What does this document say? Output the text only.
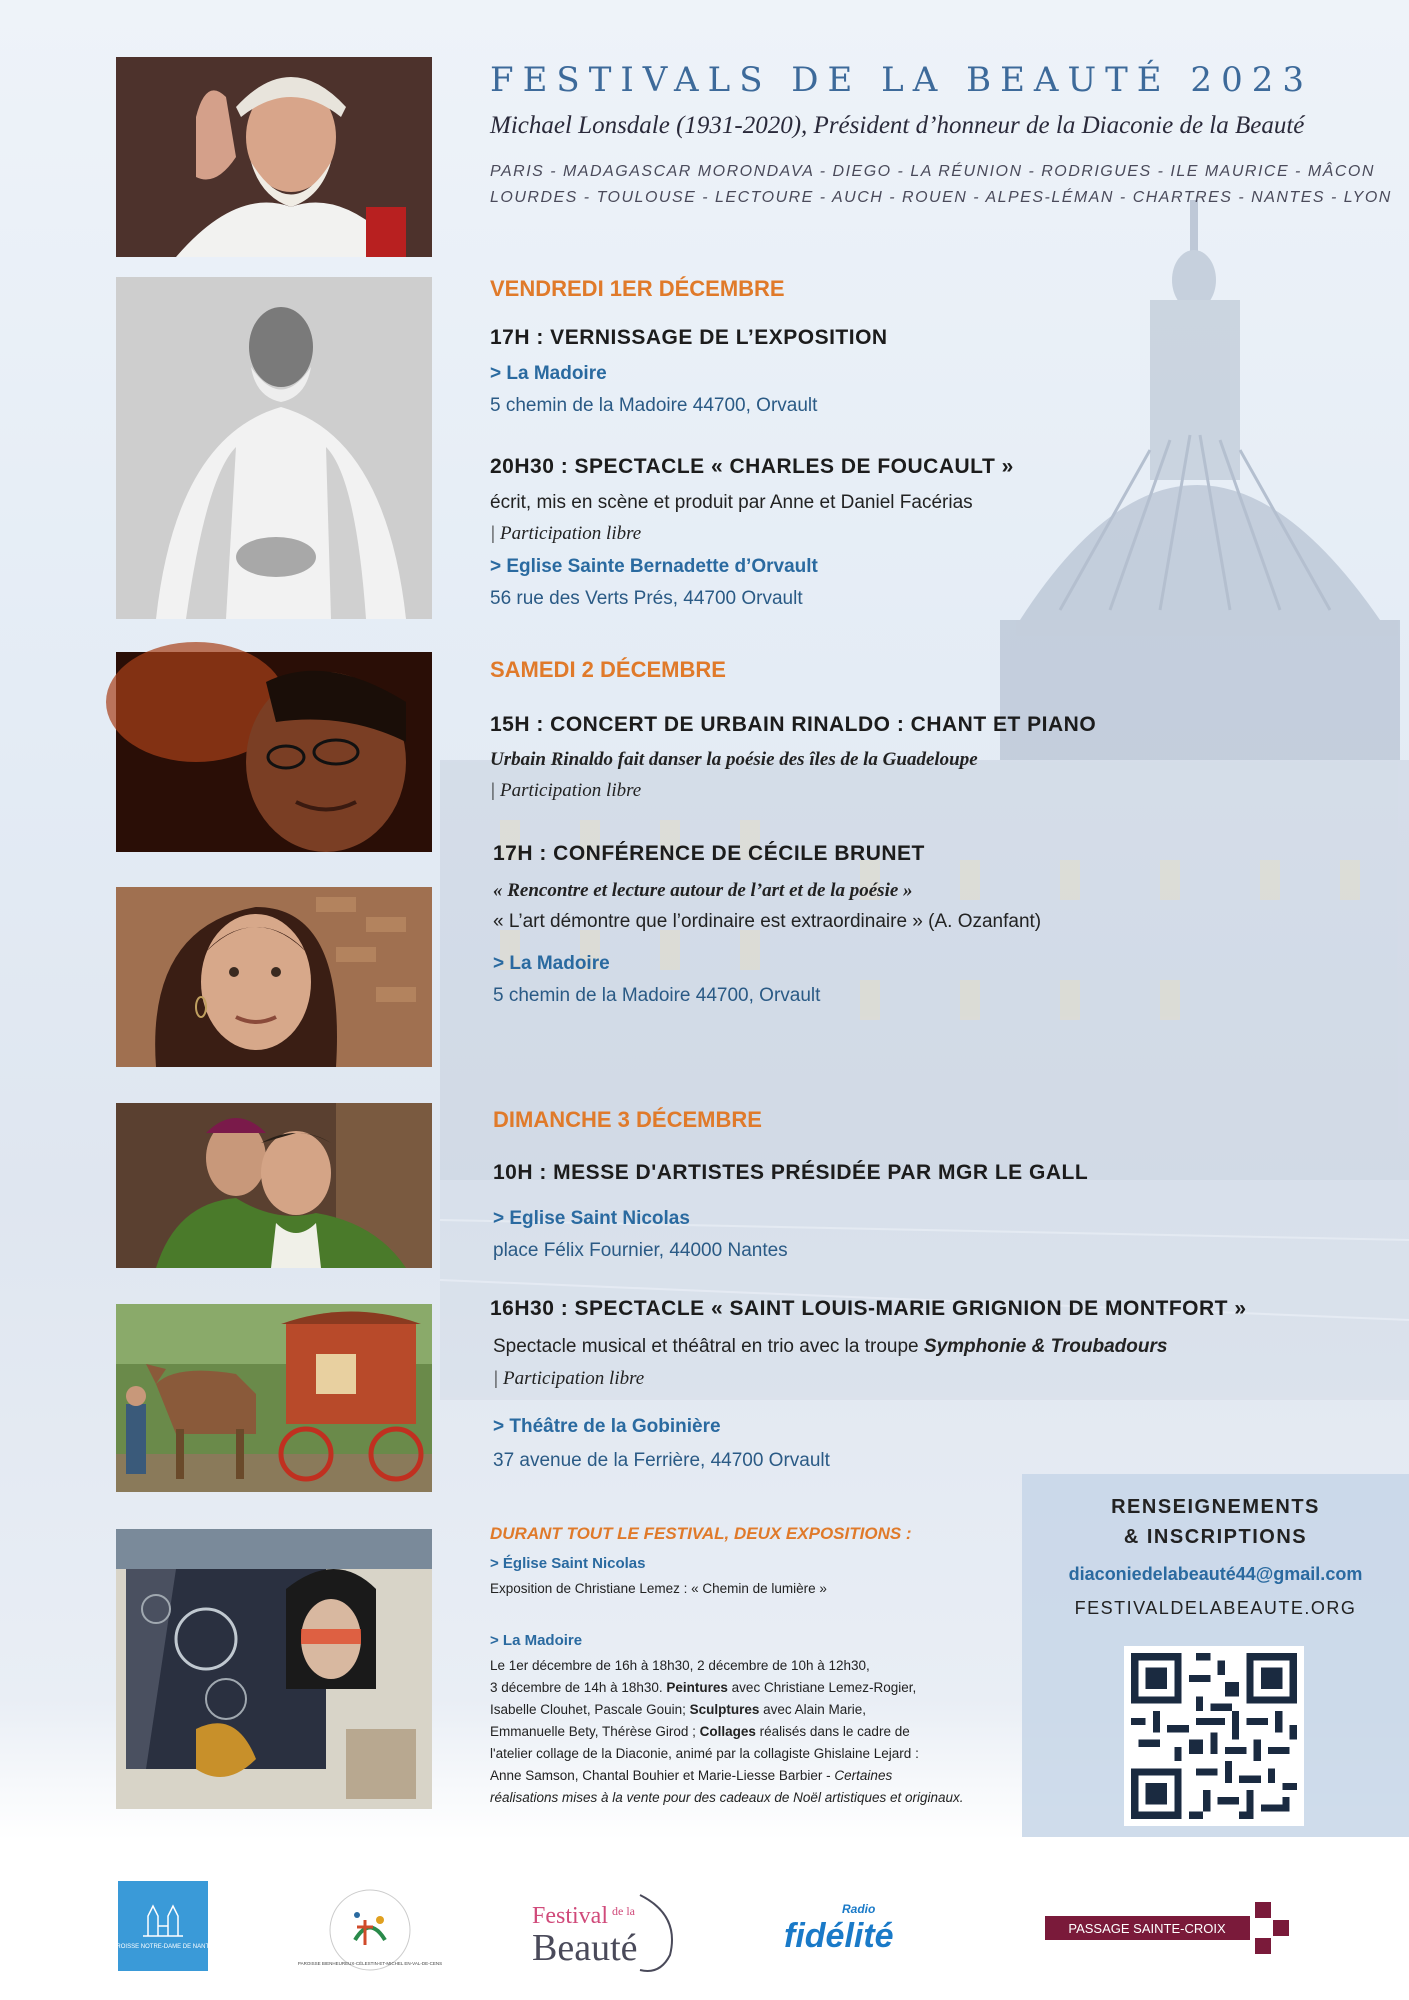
FESTIVALS DE LA BEAUTÉ 2023
Michael Lonsdale (1931-2020), Président d’honneur de la Diaconie de la Beauté
PARIS - MADAGASCAR MORONDAVA - DIEGO - LA RÉUNION - RODRIGUES - ILE MAURICE - MÂCON
LOURDES - TOULOUSE - LECTOURE - AUCH - ROUEN - ALPES-LÉMAN - CHARTRES - NANTES - LYON
VENDREDI 1ER DÉCEMBRE
17H : VERNISSAGE DE L’EXPOSITION
> La Madoire
5 chemin de la Madoire 44700, Orvault
20H30 : SPECTACLE « CHARLES DE FOUCAULT »
écrit, mis en scène et produit par Anne et Daniel Facérias
| Participation libre
> Eglise Sainte Bernadette d’Orvault
56 rue des Verts Prés, 44700 Orvault
SAMEDI 2 DÉCEMBRE
15H : CONCERT DE URBAIN RINALDO : CHANT ET PIANO
Urbain Rinaldo fait danser la poésie des îles de la Guadeloupe
| Participation libre
17H : CONFÉRENCE DE CÉCILE BRUNET
« Rencontre et lecture autour de l’art et de la poésie »
« L’art démontre que l’ordinaire est extraordinaire » (A. Ozanfant)
> La Madoire
5 chemin de la Madoire 44700, Orvault
DIMANCHE 3 DÉCEMBRE
10H : MESSE D'ARTISTES PRÉSIDÉE PAR MGR LE GALL
> Eglise Saint Nicolas
place Félix Fournier, 44000 Nantes
16H30 : SPECTACLE « SAINT LOUIS-MARIE GRIGNION DE MONTFORT »
Spectacle musical et théâtral en trio avec la troupe Symphonie & Troubadours
| Participation libre
> Théâtre de la Gobinière
37 avenue de la Ferrière, 44700 Orvault
DURANT TOUT LE FESTIVAL, DEUX EXPOSITIONS :
> Église Saint Nicolas
Exposition de Christiane Lemez : « Chemin de lumière »
> La Madoire
Le 1er décembre de 16h à 18h30, 2 décembre de 10h à 12h30,
3 décembre de 14h à 18h30. Peintures avec Christiane Lemez-Rogier,
Isabelle Clouhet, Pascale Gouin; Sculptures avec Alain Marie,
Emmanuelle Bety, Thérèse Girod ; Collages réalisés dans le cadre de
l'atelier collage de la Diaconie, animé par la collagiste Ghislaine Lejard :
Anne Samson, Chantal Bouhier et Marie-Liesse Barbier - Certaines
réalisations mises à la vente pour des cadeaux de Noël artistiques et originaux.
RENSEIGNEMENTS
& INSCRIPTIONS
diaconiedelabeauté44@gmail.com
FESTIVALDELABEAUTE.ORG
PAROISSE NOTRE-DAME DE NANTES
PAROISSE BIENHEUREUX-CÉLESTIN-ET-MICHEL EN-VAL-DE-CENS
Festival de la
Beauté
Radio
fidélité	PASSAGE SAINTE-CROIX
